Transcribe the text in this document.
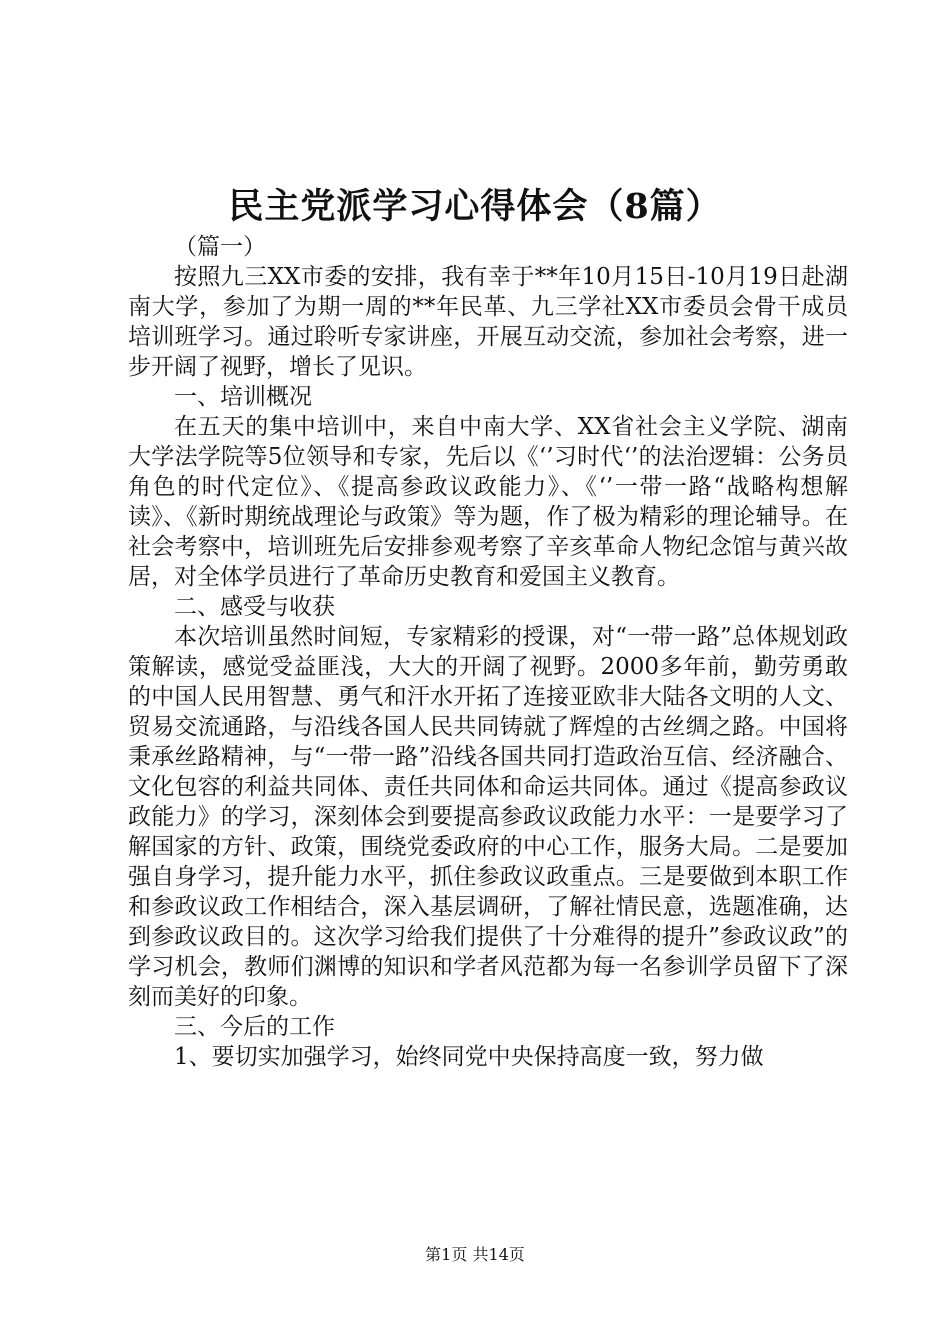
民主党派学习心得体会（8篇）

（篇一）

按照九三XX市委的安排，我有幸于**年10月15日-10月19日赴湖南大学，参加了为期一周的**年民革、九三学社XX市委员会骨干成员培训班学习。通过聆听专家讲座，开展互动交流，参加社会考察，进一步开阔了视野，增长了见识。

一、培训概况

在五天的集中培训中，来自中南大学、XX省社会主义学院、湖南大学法学院等5位领导和专家，先后以《‘’习时代‘’的法治逻辑：公务员角色的时代定位》、《提高参政议政能力》、《‘’一带一路“战略构想解读》、《新时期统战理论与政策》等为题，作了极为精彩的理论辅导。在社会考察中，培训班先后安排参观考察了辛亥革命人物纪念馆与黄兴故居，对全体学员进行了革命历史教育和爱国主义教育。

二、感受与收获

本次培训虽然时间短，专家精彩的授课，对“一带一路”总体规划政策解读，感觉受益匪浅，大大的开阔了视野。2000多年前，勤劳勇敢的中国人民用智慧、勇气和汗水开拓了连接亚欧非大陆各文明的人文、贸易交流通路，与沿线各国人民共同铸就了辉煌的古丝绸之路。中国将秉承丝路精神，与“一带一路”沿线各国共同打造政治互信、经济融合、文化包容的利益共同体、责任共同体和命运共同体。通过《提高参政议政能力》的学习，深刻体会到要提高参政议政能力水平：一是要学习了解国家的方针、政策，围绕党委政府的中心工作，服务大局。二是要加强自身学习，提升能力水平，抓住参政议政重点。三是要做到本职工作和参政议政工作相结合，深入基层调研，了解社情民意，选题准确，达到参政议政目的。这次学习给我们提供了十分难得的提升”参政议政”的学习机会，教师们渊博的知识和学者风范都为每一名参训学员留下了深刻而美好的印象。

三、今后的工作

1、要切实加强学习，始终同党中央保持高度一致，努力做

第1页 共14页
